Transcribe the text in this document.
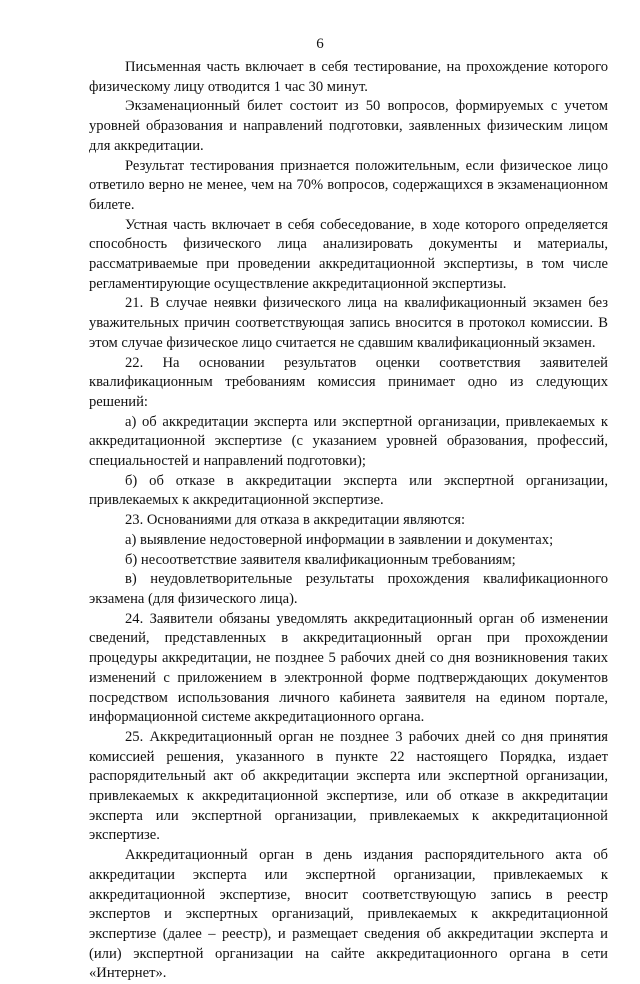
6

Письменная часть включает в себя тестирование, на прохождение которого физическому лицу отводится 1 час 30 минут.

Экзаменационный билет состоит из 50 вопросов, формируемых с учетом уровней образования и направлений подготовки, заявленных физическим лицом для аккредитации.

Результат тестирования признается положительным, если физическое лицо ответило верно не менее, чем на 70% вопросов, содержащихся в экзаменационном билете.

Устная часть включает в себя собеседование, в ходе которого определяется способность физического лица анализировать документы и материалы, рассматриваемые при проведении аккредитационной экспертизы, в том числе регламентирующие осуществление аккредитационной экспертизы.

21. В случае неявки физического лица на квалификационный экзамен без уважительных причин соответствующая запись вносится в протокол комиссии. В этом случае физическое лицо считается не сдавшим квалификационный экзамен.

22. На основании результатов оценки соответствия заявителей квалификационным требованиям комиссия принимает одно из следующих решений:

а) об аккредитации эксперта или экспертной организации, привлекаемых к аккредитационной экспертизе (с указанием уровней образования, профессий, специальностей и направлений подготовки);

б) об отказе в аккредитации эксперта или экспертной организации, привлекаемых к аккредитационной экспертизе.

23. Основаниями для отказа в аккредитации являются:

а) выявление недостоверной информации в заявлении и документах;

б) несоответствие заявителя квалификационным требованиям;

в) неудовлетворительные результаты прохождения квалификационного экзамена (для физического лица).

24. Заявители обязаны уведомлять аккредитационный орган об изменении сведений, представленных в аккредитационный орган при прохождении процедуры аккредитации, не позднее 5 рабочих дней со дня возникновения таких изменений с приложением в электронной форме подтверждающих документов посредством использования личного кабинета заявителя на едином портале, информационной системе аккредитационного органа.

25. Аккредитационный орган не позднее 3 рабочих дней со дня принятия комиссией решения, указанного в пункте 22 настоящего Порядка, издает распорядительный акт об аккредитации эксперта или экспертной организации, привлекаемых к аккредитационной экспертизе, или об отказе в аккредитации эксперта или экспертной организации, привлекаемых к аккредитационной экспертизе.

Аккредитационный орган в день издания распорядительного акта об аккредитации эксперта или экспертной организации, привлекаемых к аккредитационной экспертизе, вносит соответствующую запись в реестр экспертов и экспертных организаций, привлекаемых к аккредитационной экспертизе (далее – реестр), и размещает сведения об аккредитации эксперта и (или) экспертной организации на сайте аккредитационного органа в сети «Интернет».
